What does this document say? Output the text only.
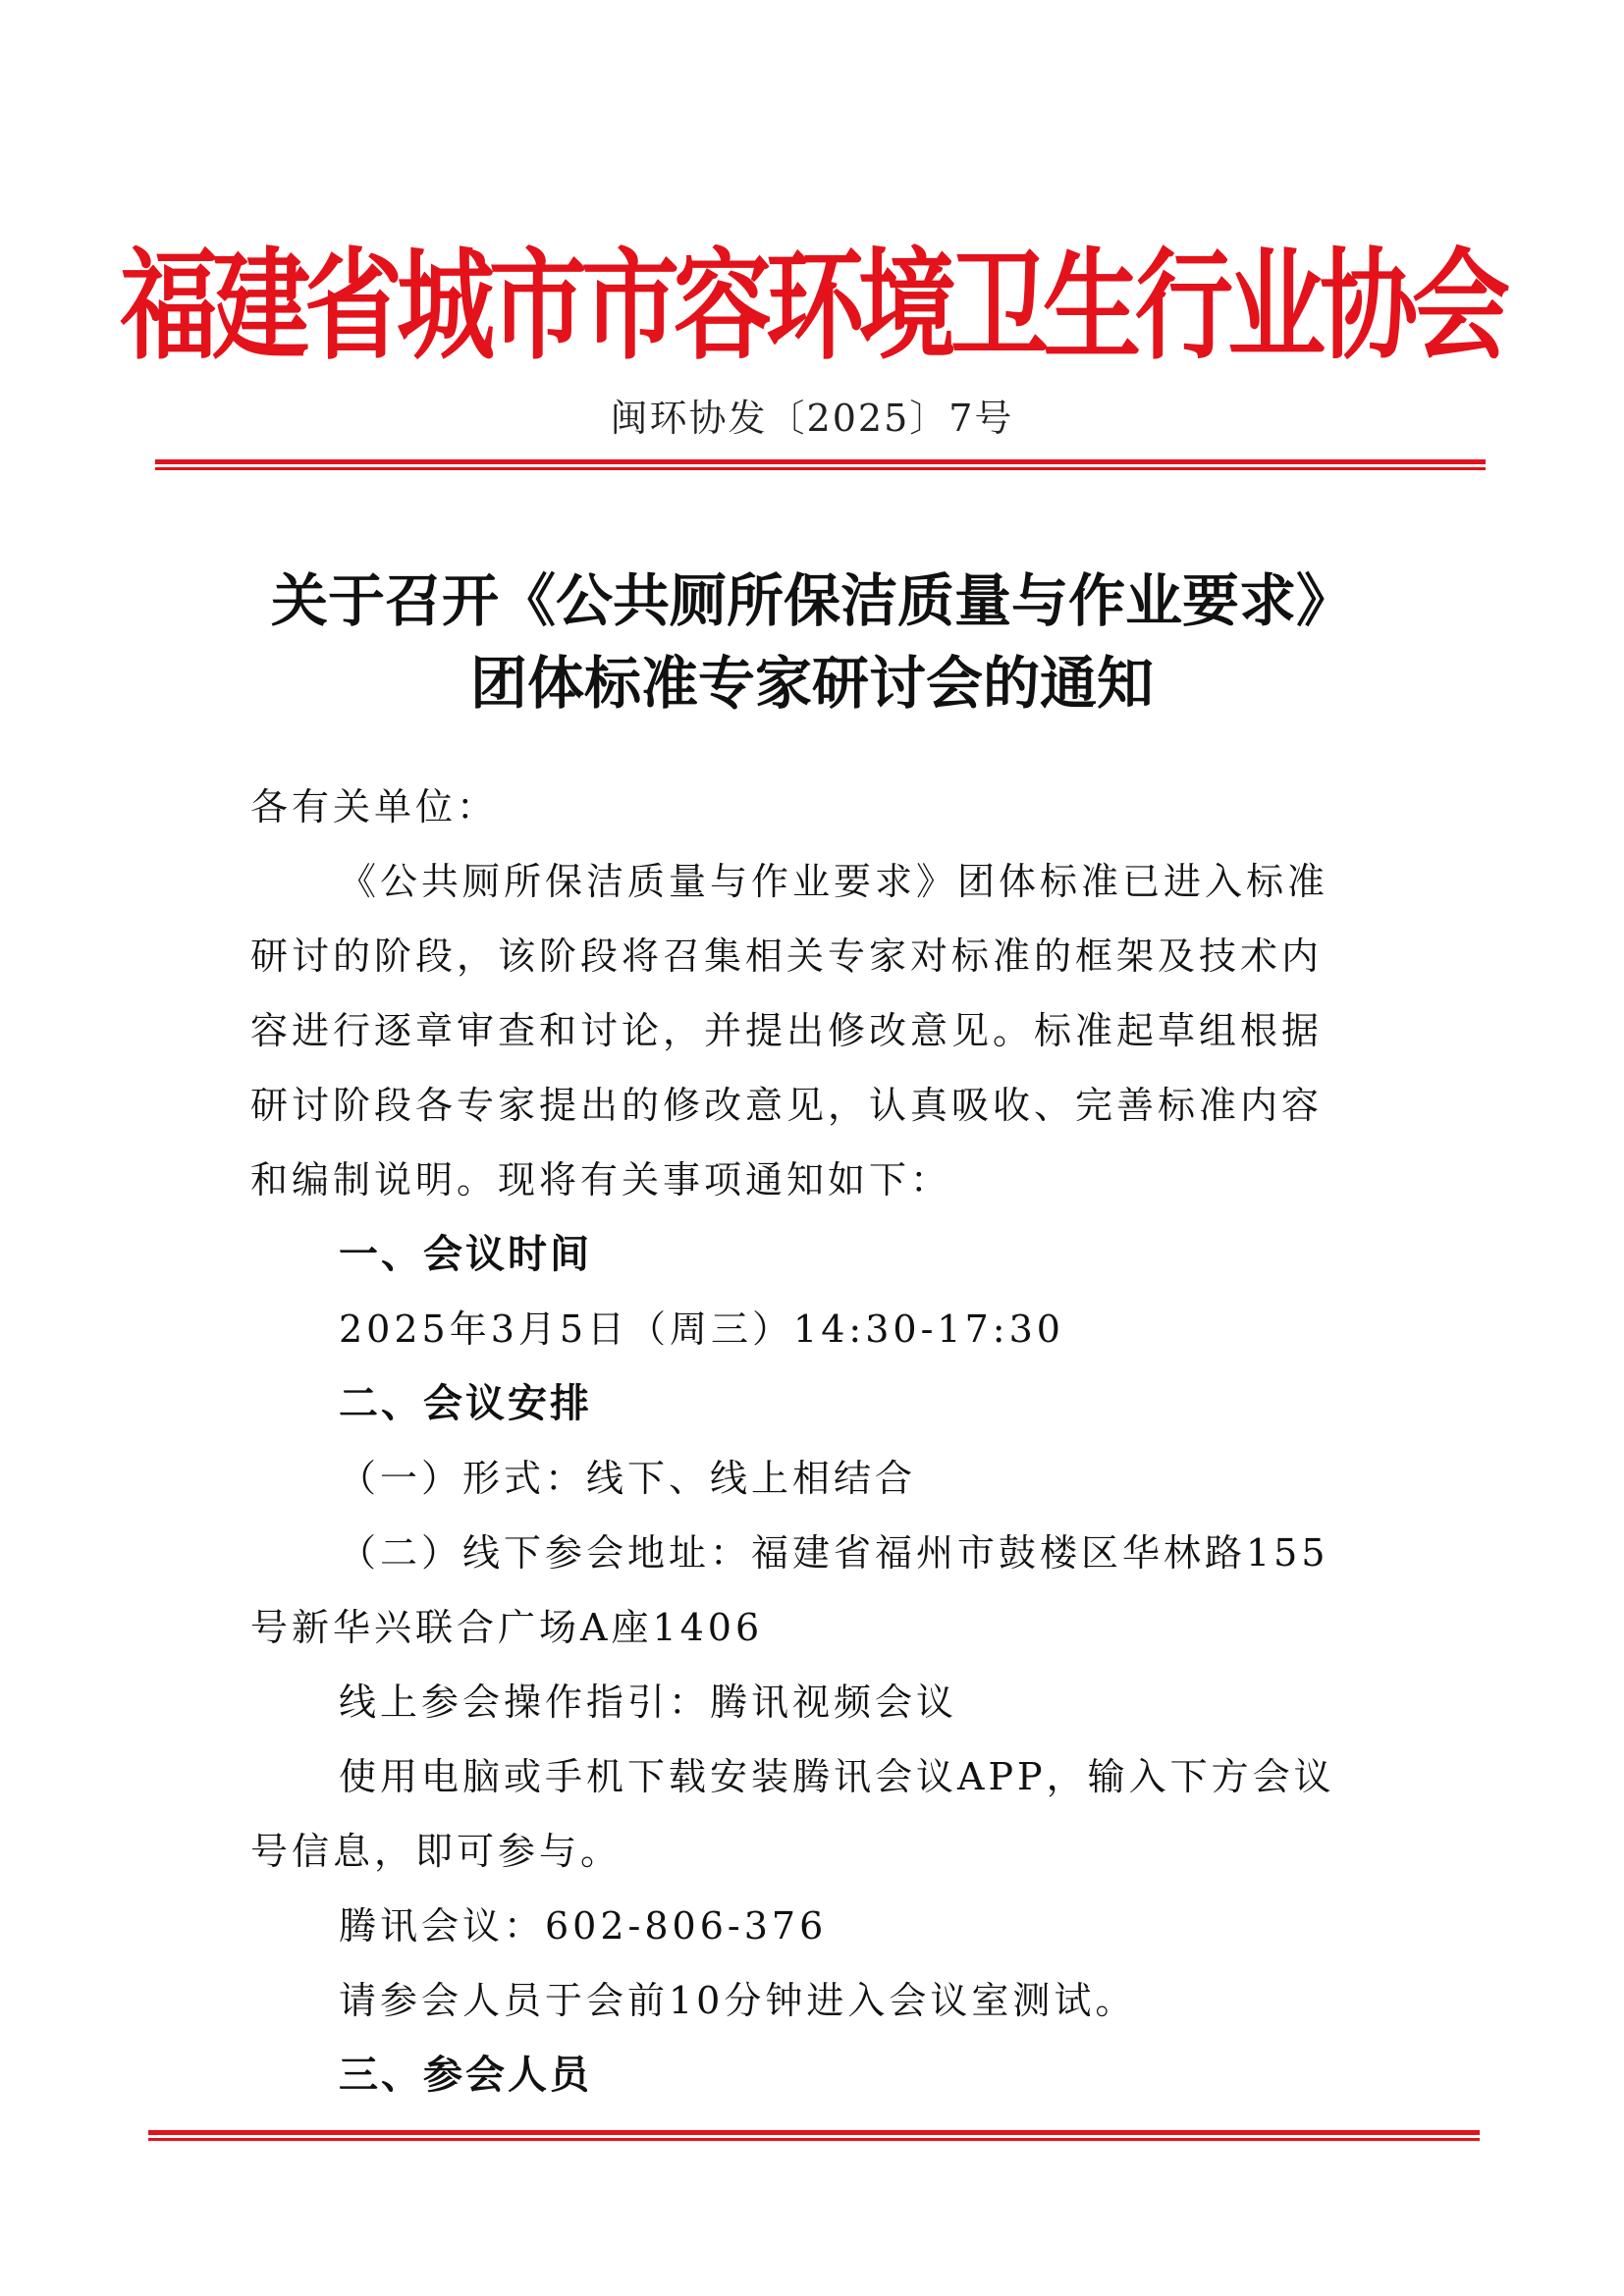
福建省城市市容环境卫生行业协会
闽环协发〔2025〕7号
关于召开《公共厕所保洁质量与作业要求》
团体标准专家研讨会的通知
各有关单位：
《公共厕所保洁质量与作业要求》团体标准已进入标准
研讨的阶段，该阶段将召集相关专家对标准的框架及技术内
容进行逐章审查和讨论，并提出修改意见。标准起草组根据
研讨阶段各专家提出的修改意见，认真吸收、完善标准内容
和编制说明。现将有关事项通知如下：
一、会议时间
2025年3月5日（周三）14:30-17:30
二、会议安排
（一）形式：线下、线上相结合
（二）线下参会地址：福建省福州市鼓楼区华林路155
号新华兴联合广场A座1406
线上参会操作指引：腾讯视频会议
使用电脑或手机下载安装腾讯会议APP，输入下方会议
号信息，即可参与。
腾讯会议：602-806-376
请参会人员于会前10分钟进入会议室测试。
三、参会人员
